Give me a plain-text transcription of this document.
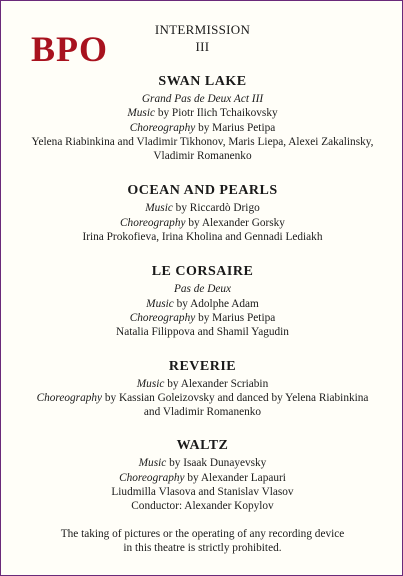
BPO	INTERMISSION
III
SWAN LAKE
Grand Pas de Deux Act III
Music by Piotr Ilich Tchaikovsky
Choreography by Marius Petipa
Yelena Riabinkina and Vladimir Tikhonov, Maris Liepa, Alexei Zakalinsky,
Vladimir Romanenko
OCEAN AND PEARLS
Music by Riccardò Drigo
Choreography by Alexander Gorsky
Irina Prokofieva, Irina Kholina and Gennadi Lediakh
LE CORSAIRE
Pas de Deux
Music by Adolphe Adam
Choreography by Marius Petipa
Natalia Filippova and Shamil Yagudin
REVERIE
Music by Alexander Scriabin
Choreography by Kassian Goleizovsky and danced by Yelena Riabinkina
and Vladimir Romanenko
WALTZ
Music by Isaak Dunayevsky
Choreography by Alexander Lapauri
Liudmilla Vlasova and Stanislav Vlasov
Conductor: Alexander Kopylov
The taking of pictures or the operating of any recording device
in this theatre is strictly prohibited.
